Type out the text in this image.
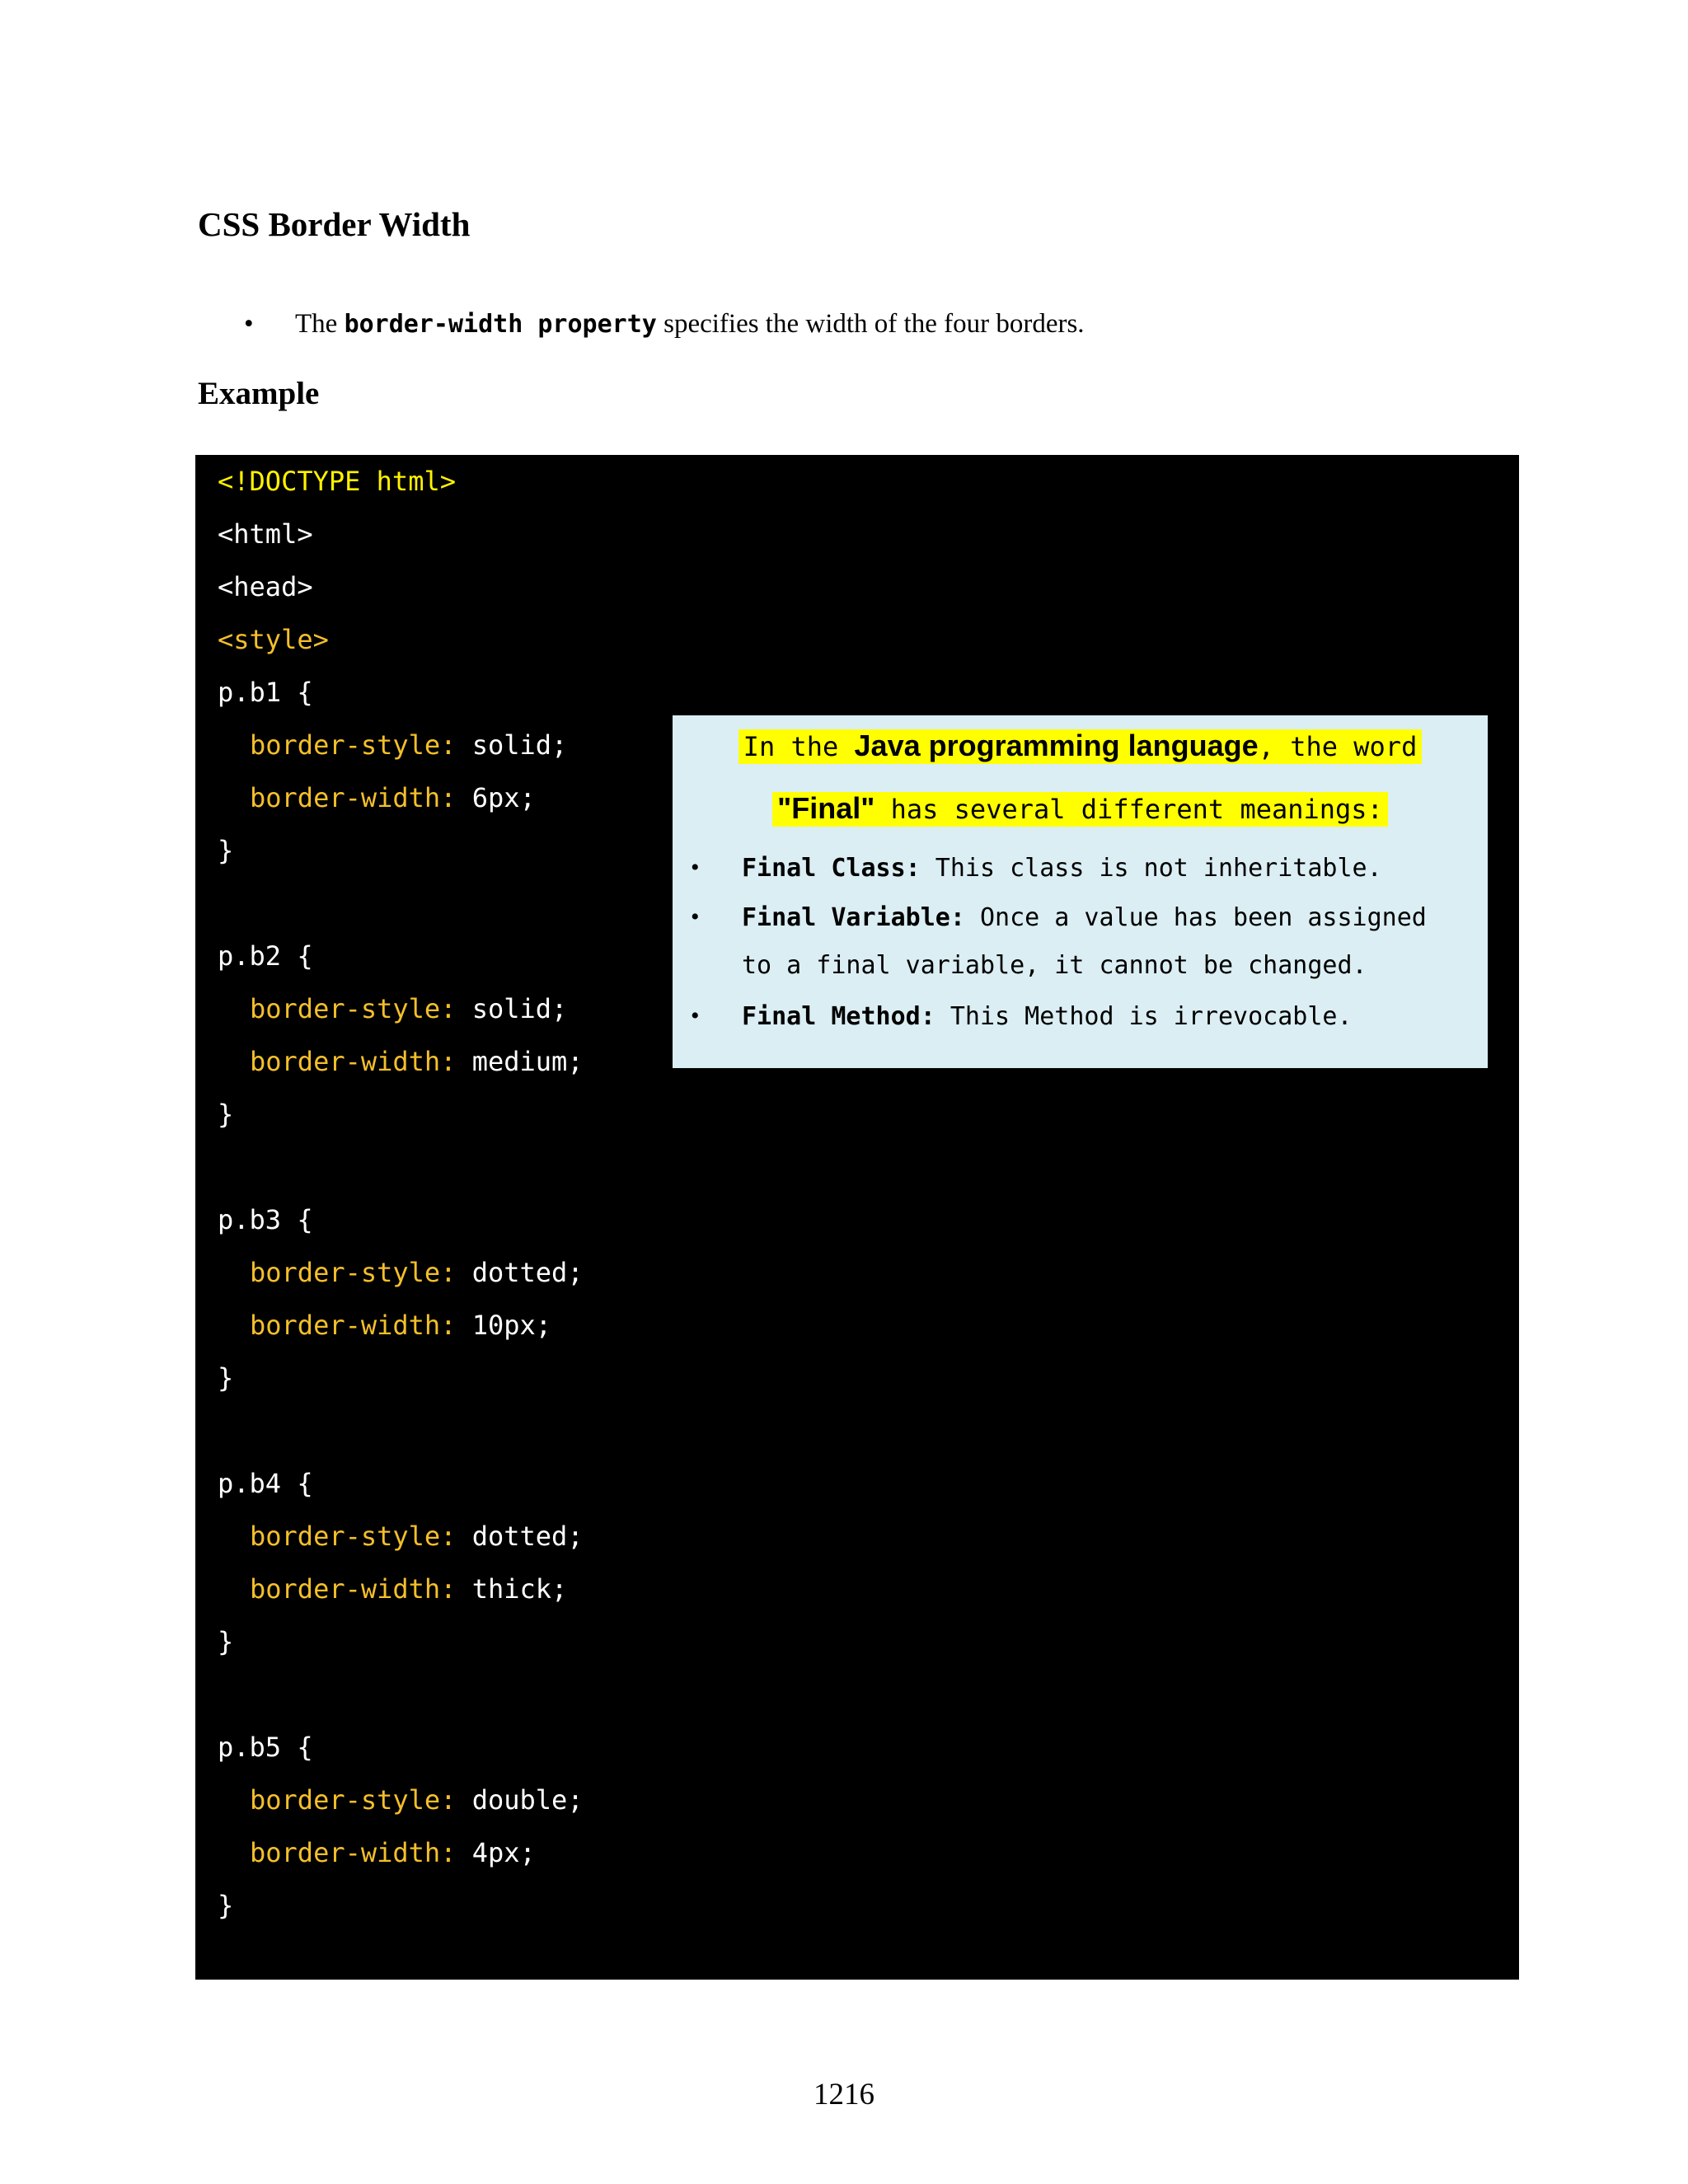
CSS Border Width
• The border-width property specifies the width of the four borders.
Example
<!DOCTYPE html>
<html>
<head>
<style>
p.b1 {
border-style: solid;
border-width: 6px;
}
p.b2 {
border-style: solid;
border-width: medium;
}
p.b3 {
border-style: dotted;
border-width: 10px;
}
p.b4 {
border-style: dotted;
border-width: thick;
}
p.b5 {
border-style: double;
border-width: 4px;
}
In the Java programming language, the word
"Final" has several different meanings:
• Final Class: This class is not inheritable.
• Final Variable: Once a value has been assigned
to a final variable, it cannot be changed.
• Final Method: This Method is irrevocable.
1216
